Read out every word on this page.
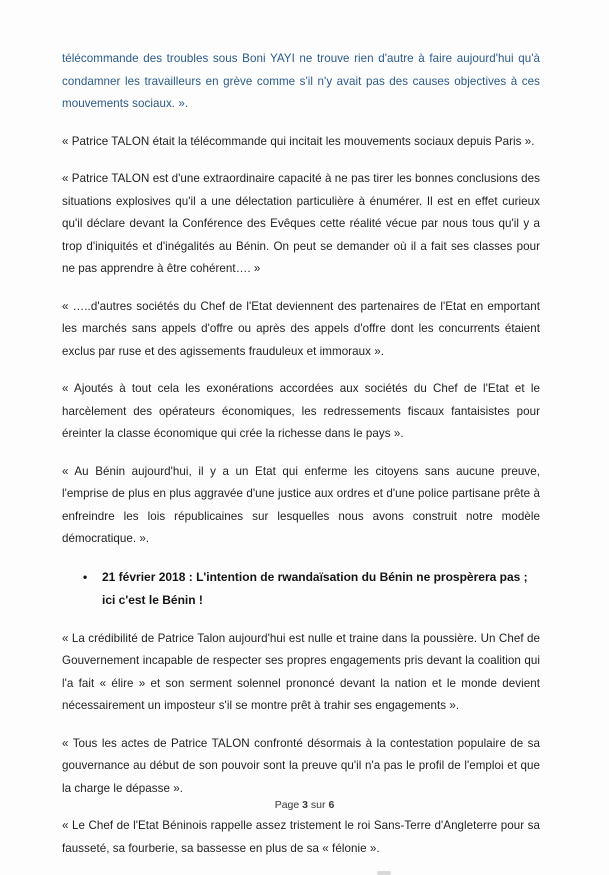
télécommande des troubles sous Boni YAYI ne trouve rien d'autre à faire aujourd'hui qu'à condamner les travailleurs en grève comme s'il n'y avait pas des causes objectives à ces mouvements sociaux. ».

« Patrice TALON était la télécommande qui incitait les mouvements sociaux depuis Paris ».

« Patrice TALON est d'une extraordinaire capacité à ne pas tirer les bonnes conclusions des situations explosives qu'il a une délectation particulière à énumérer. Il est en effet curieux qu'il déclare devant la Conférence des Evêques cette réalité vécue par nous tous qu'il y a trop d'iniquités et d'inégalités au Bénin. On peut se demander où il a fait ses classes pour ne pas apprendre à être cohérent…. »

« …..d'autres sociétés du Chef de l'Etat deviennent des partenaires de l'Etat en emportant les marchés sans appels d'offre ou après des appels d'offre dont les concurrents étaient exclus par ruse et des agissements frauduleux et immoraux ».

« Ajoutés à tout cela les exonérations accordées aux sociétés du Chef de l'Etat et le harcèlement des opérateurs économiques, les redressements fiscaux fantaisistes pour éreinter la classe économique qui crée la richesse dans le pays ».

« Au Bénin aujourd'hui, il y a un Etat qui enferme les citoyens sans aucune preuve, l'emprise de plus en plus aggravée d'une justice aux ordres et d'une police partisane prête à enfreindre les lois républicaines sur lesquelles nous avons construit notre modèle démocratique. ».

• 21 février 2018 : L'intention de rwandaïsation du Bénin ne prospèrera pas ; ici c'est le Bénin !

« La crédibilité de Patrice Talon aujourd'hui est nulle et traine dans la poussière. Un Chef de Gouvernement incapable de respecter ses propres engagements pris devant la coalition qui l'a fait « élire » et son serment solennel prononcé devant la nation et le monde devient nécessairement un imposteur s'il se montre prêt à trahir ses engagements ».

« Tous les actes de Patrice TALON confronté désormais à la contestation populaire de sa gouvernance au début de son pouvoir sont la preuve qu'il n'a pas le profil de l'emploi et que la charge le dépasse ».

« Le Chef de l'Etat Béninois rappelle assez tristement le roi Sans-Terre d'Angleterre pour sa fausseté, sa fourberie, sa bassesse en plus de sa « félonie ».

Page 3 sur 6
